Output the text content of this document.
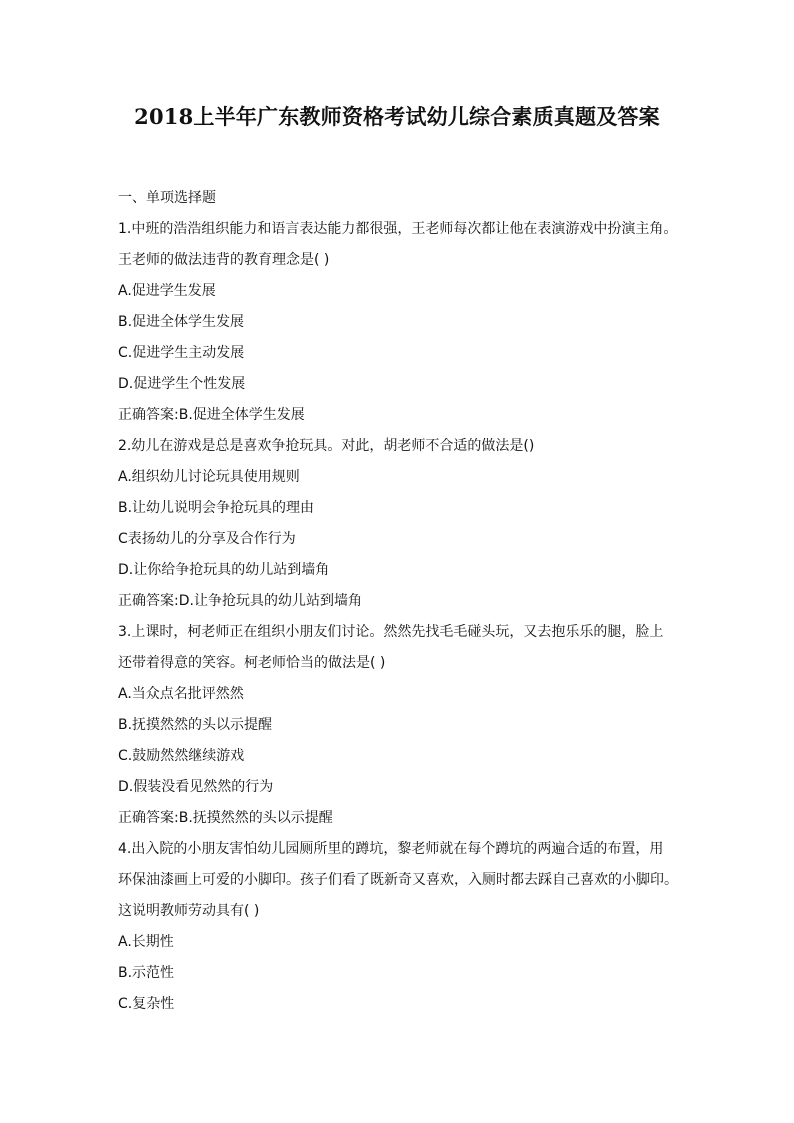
2018上半年广东教师资格考试幼儿综合素质真题及答案
一、单项选择题
1.中班的浩浩组织能力和语言表达能力都很强，王老师每次都让他在表演游戏中扮演主角。
王老师的做法违背的教育理念是( )
A.促进学生发展
B.促进全体学生发展
C.促进学生主动发展
D.促进学生个性发展
正确答案:B.促进全体学生发展
2.幼儿在游戏是总是喜欢争抢玩具。对此，胡老师不合适的做法是()
A.组织幼儿讨论玩具使用规则
B.让幼儿说明会争抢玩具的理由
C表扬幼儿的分享及合作行为
D.让你给争抢玩具的幼儿站到墙角
正确答案:D.让争抢玩具的幼儿站到墙角
3.上课时，柯老师正在组织小朋友们讨论。然然先找毛毛碰头玩，又去抱乐乐的腿，脸上
还带着得意的笑容。柯老师恰当的做法是( )
A.当众点名批评然然
B.抚摸然然的头以示提醒
C.鼓励然然继续游戏
D.假装没看见然然的行为
正确答案:B.抚摸然然的头以示提醒
4.出入院的小朋友害怕幼儿园厕所里的蹲坑，黎老师就在每个蹲坑的两遍合适的布置，用
环保油漆画上可爱的小脚印。孩子们看了既新奇又喜欢，入厕时都去踩自己喜欢的小脚印。
这说明教师劳动具有( )
A.长期性
B.示范性
C.复杂性
